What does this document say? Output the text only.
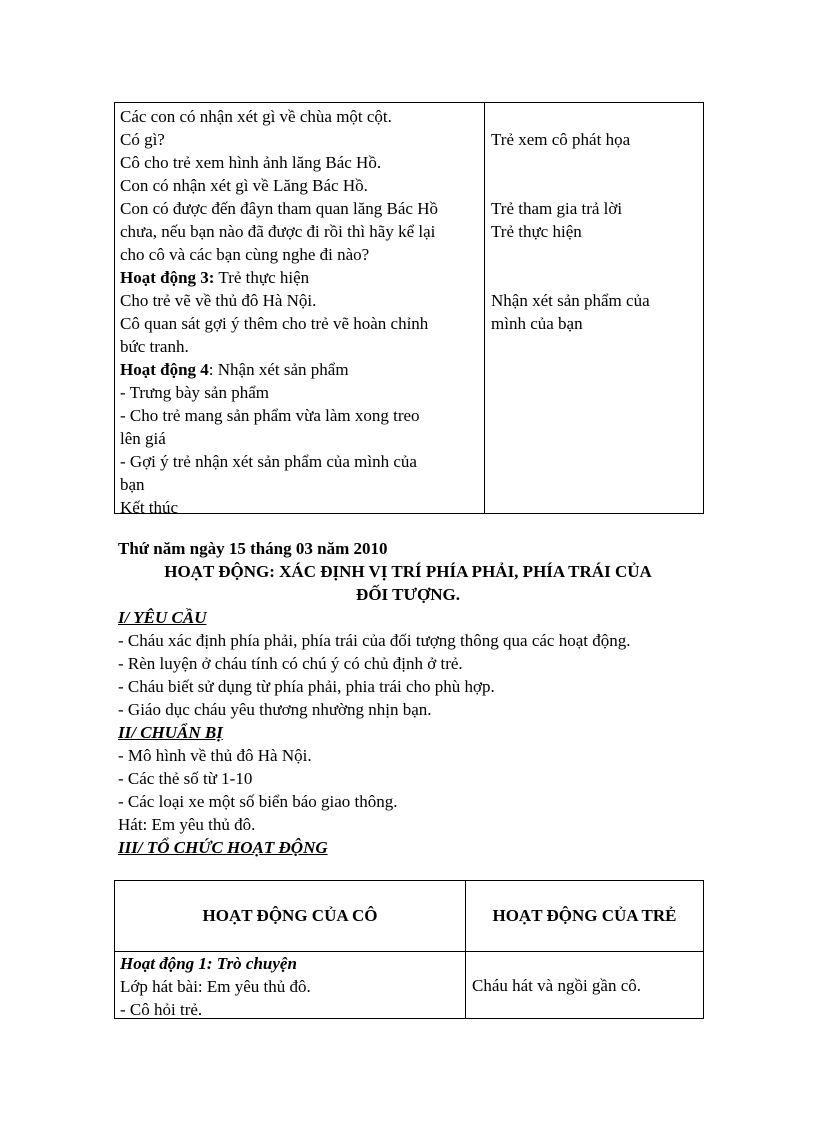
Các con có nhận xét gì về chùa một cột.
Có gì?
Cô cho trẻ xem hình ảnh lăng Bác Hồ.
Con có nhận xét gì về Lăng Bác Hồ.
Con có được đến đâyn tham quan lăng Bác Hồ
chưa, nếu bạn nào đã được đi rồi thì hãy kể lại
cho cô và các bạn cùng nghe đi nào?
Hoạt động 3: Trẻ thực hiện
Cho trẻ vẽ về thủ đô Hà Nội.
Cô quan sát gợi ý thêm cho trẻ vẽ hoàn chỉnh
bức tranh.
Hoạt động 4: Nhận xét sản phẩm
- Trưng bày sản phẩm
- Cho trẻ mang sản phẩm vừa làm xong treo
lên giá
- Gợi ý trẻ nhận xét sản phẩm của mình của
bạn
Kết thúc
Trẻ xem cô phát họa
Trẻ tham gia trả lời
Trẻ thực hiện
Nhận xét sản phẩm của
mình của bạn
Thứ năm ngày 15 tháng 03 năm 2010
HOẠT ĐỘNG: XÁC ĐỊNH VỊ TRÍ PHÍA PHẢI, PHÍA TRÁI CỦA
ĐỐI TƯỢNG.
I/ YÊU CẦU
- Cháu xác định phía phải, phía trái của đối tượng thông qua các hoạt động.
- Rèn luyện ở cháu tính có chú ý có chủ định ở trẻ.
- Cháu biết sử dụng từ phía phải, phia trái cho phù hợp.
- Giáo dục cháu yêu thương nhường nhịn bạn.
II/ CHUẨN BỊ
- Mô hình về thủ đô Hà Nội.
- Các thẻ số từ 1-10
- Các loại xe một số biển báo giao thông.
Hát: Em yêu thủ đô.
III/ TỔ CHỨC HOẠT ĐỘNG
HOẠT ĐỘNG CỦA CÔ	HOẠT ĐỘNG CỦA TRẺ
Hoạt động 1: Trò chuyện
Lớp hát bài: Em yêu thủ đô.
- Cô hỏi trẻ.
Cháu hát và ngồi gần cô.
